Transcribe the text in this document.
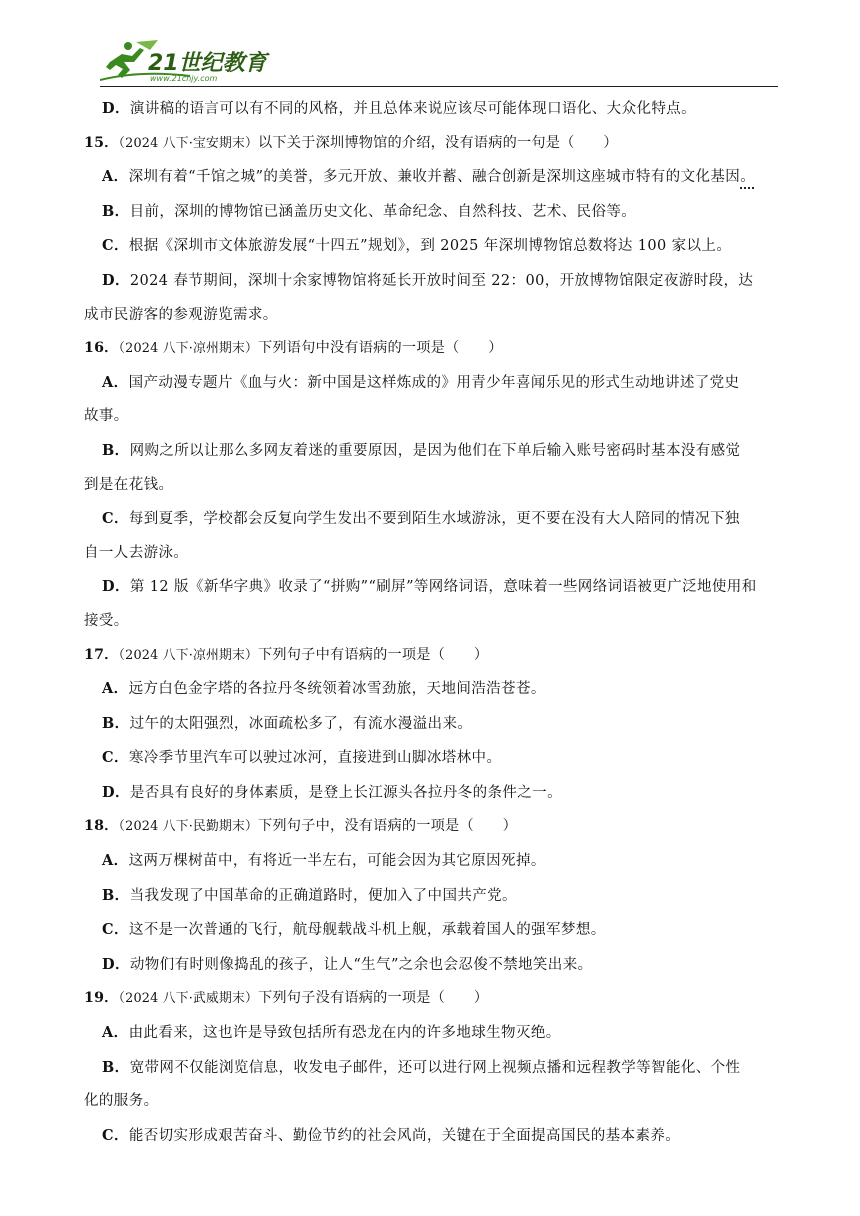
21世纪教育
www.21cnjy.com
D．演讲稿的语言可以有不同的风格，并且总体来说应该尽可能体现口语化、大众化特点。
15．（2024 八下·宝安期末）以下关于深圳博物馆的介绍，没有语病的一句是（　　）
A．深圳有着“千馆之城”的美誉，多元开放、兼收并蓄、融合创新是深圳这座城市特有的文化基因。
B．目前，深圳的博物馆已涵盖历史文化、革命纪念、自然科技、艺术、民俗等。
C．根据《深圳市文体旅游发展“十四五”规划》，到 2025 年深圳博物馆总数将达 100 家以上。
D．2024 春节期间，深圳十余家博物馆将延长开放时间至 22：00，开放博物馆限定夜游时段，达
成市民游客的参观游览需求。
16．（2024 八下·凉州期末）下列语句中没有语病的一项是（　　）
A．国产动漫专题片《血与火：新中国是这样炼成的》用青少年喜闻乐见的形式生动地讲述了党史
故事。
B．网购之所以让那么多网友着迷的重要原因，是因为他们在下单后输入账号密码时基本没有感觉
到是在花钱。
C．每到夏季，学校都会反复向学生发出不要到陌生水域游泳，更不要在没有大人陪同的情况下独
自一人去游泳。
D．第 12 版《新华字典》收录了“拼购”“刷屏”等网络词语，意味着一些网络词语被更广泛地使用和
接受。
17．（2024 八下·凉州期末）下列句子中有语病的一项是（　　）
A．远方白色金字塔的各拉丹冬统领着冰雪劲旅，天地间浩浩苍苍。
B．过午的太阳强烈，冰面疏松多了，有流水漫溢出来。
C．寒冷季节里汽车可以驶过冰河，直接进到山脚冰塔林中。
D．是否具有良好的身体素质，是登上长江源头各拉丹冬的条件之一。
18．（2024 八下·民勤期末）下列句子中，没有语病的一项是（　　）
A．这两万棵树苗中，有将近一半左右，可能会因为其它原因死掉。
B．当我发现了中国革命的正确道路时，便加入了中国共产党。
C．这不是一次普通的飞行，航母舰载战斗机上舰，承载着国人的强军梦想。
D．动物们有时则像捣乱的孩子，让人“生气”之余也会忍俊不禁地笑出来。
19．（2024 八下·武威期末）下列句子没有语病的一项是（　　）
A．由此看来，这也许是导致包括所有恐龙在内的许多地球生物灭绝。
B．宽带网不仅能浏览信息，收发电子邮件，还可以进行网上视频点播和远程教学等智能化、个性
化的服务。
C．能否切实形成艰苦奋斗、勤俭节约的社会风尚，关键在于全面提高国民的基本素养。
